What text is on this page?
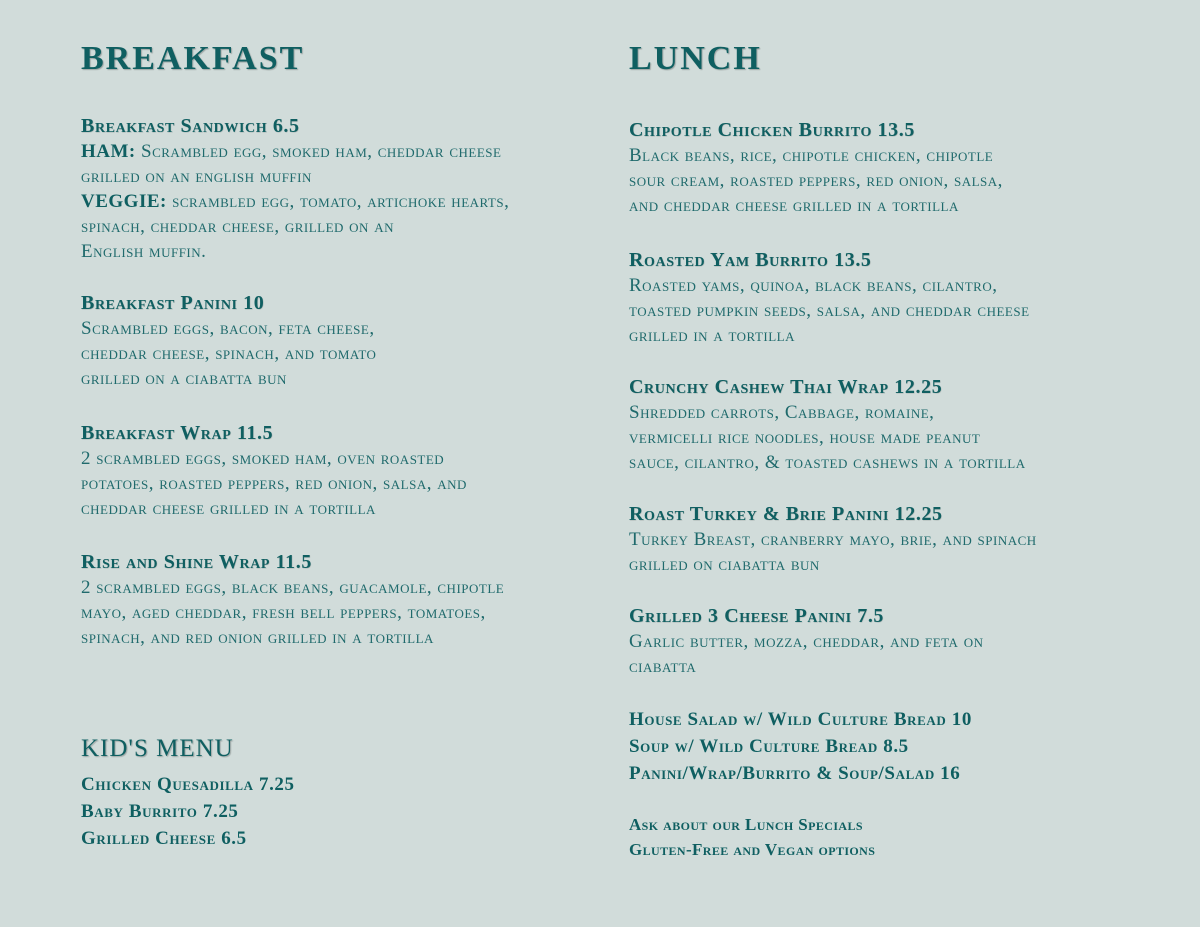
BREAKFAST
Breakfast Sandwich 6.5
HAM: Scrambled egg, smoked ham, cheddar cheese
grilled on an english muffin
VEGGIE: scrambled egg, tomato, artichoke hearts,
spinach, cheddar cheese, grilled on an
English muffin.
Breakfast Panini 10
Scrambled eggs, bacon, feta cheese,
cheddar cheese, spinach, and tomato
grilled on a ciabatta bun
Breakfast Wrap 11.5
2 scrambled eggs, smoked ham, oven roasted
potatoes, roasted peppers, red onion, salsa, and
cheddar cheese grilled in a tortilla
Rise and Shine Wrap 11.5
2 scrambled eggs, black beans, guacamole, chipotle
mayo, aged cheddar, fresh bell peppers, tomatoes,
spinach, and red onion grilled in a tortilla
KID'S MENU
Chicken Quesadilla 7.25
Baby Burrito 7.25
Grilled Cheese 6.5
LUNCH
Chipotle Chicken Burrito 13.5
Black beans, rice, chipotle chicken, chipotle
sour cream, roasted peppers, red onion, salsa,
and cheddar cheese grilled in a tortilla
Roasted Yam Burrito 13.5
Roasted yams, quinoa, black beans, cilantro,
toasted pumpkin seeds, salsa, and cheddar cheese
grilled in a tortilla
Crunchy Cashew Thai Wrap 12.25
Shredded carrots, Cabbage, romaine,
vermicelli rice noodles, house made peanut
sauce, cilantro, & toasted cashews in a tortilla
Roast Turkey & Brie Panini 12.25
Turkey Breast, cranberry mayo, brie, and spinach
grilled on ciabatta bun
Grilled 3 Cheese Panini 7.5
Garlic butter, mozza, cheddar, and feta on
ciabatta
House Salad w/ Wild Culture Bread 10
Soup w/ Wild Culture Bread 8.5
Panini/Wrap/Burrito & Soup/Salad 16
Ask about our Lunch Specials
Gluten-Free and Vegan options
